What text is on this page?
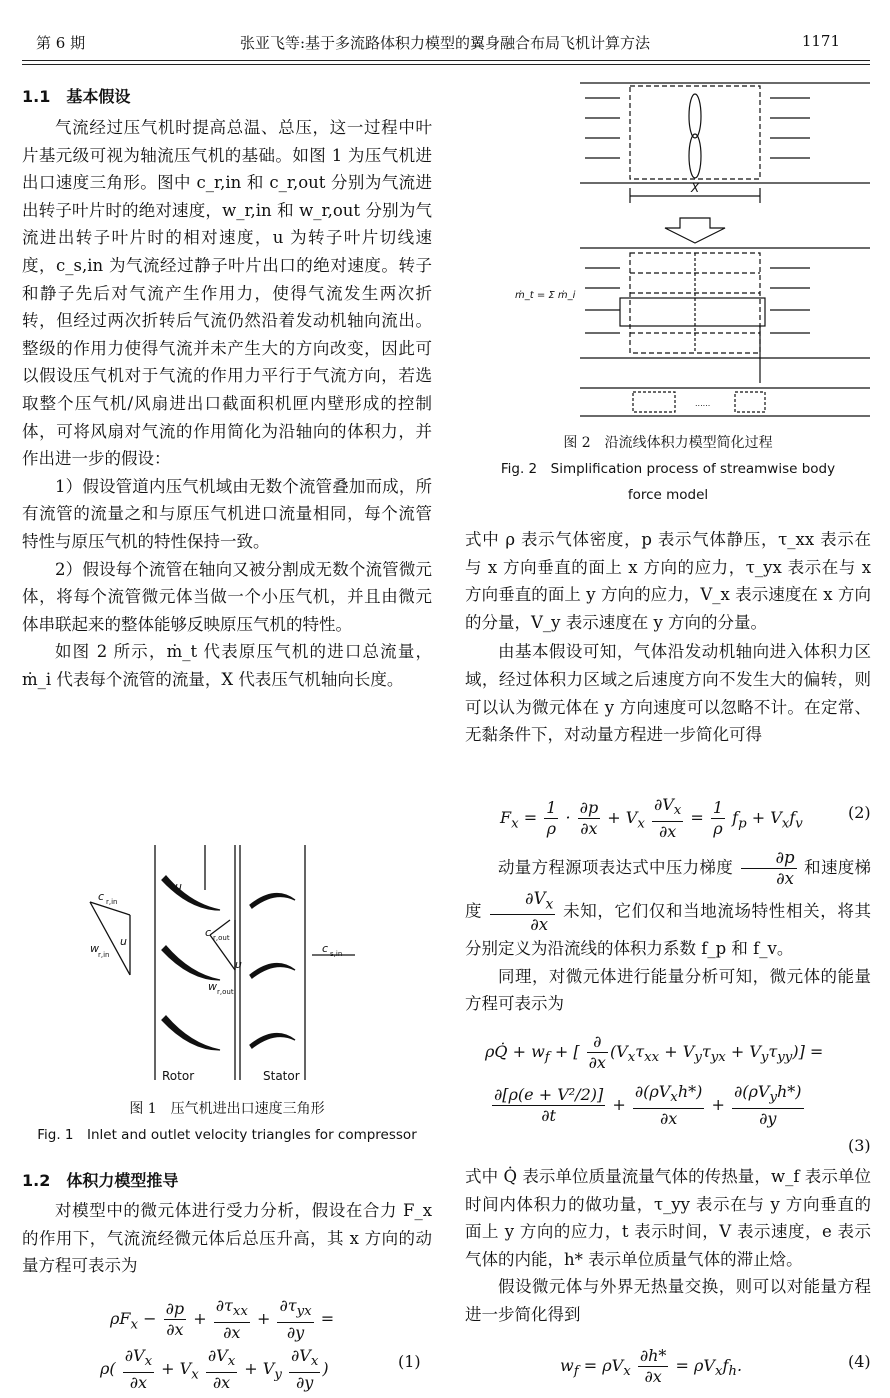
第 6 期	张亚飞等:基于多流路体积力模型的翼身融合布局飞机计算方法	1171

1.1 基本假设

气流经过压气机时提高总温、总压，这一过程中叶片基元级可视为轴流压气机的基础。如图 1 为压气机进出口速度三角形。图中 c_r,in 和 c_r,out 分别为气流进出转子叶片时的绝对速度，w_r,in 和 w_r,out 分别为气流进出转子叶片时的相对速度，u 为转子叶片切线速度，c_s,in 为气流经过静子叶片出口的绝对速度。转子和静子先后对气流产生作用力，使得气流发生两次折转，但经过两次折转后气流仍然沿着发动机轴向流出。整级的作用力使得气流并未产生大的方向改变，因此可以假设压气机对于气流的作用力平行于气流方向，若选取整个压气机/风扇进出口截面积机匣内壁形成的控制体，可将风扇对气流的作用简化为沿轴向的体积力，并作出进一步的假设：

1）假设管道内压气机域由无数个流管叠加而成，所有流管的流量之和与原压气机进口流量相同，每个流管特性与原压气机的特性保持一致。

2）假设每个流管在轴向又被分割成无数个流管微元体，将每个流管微元体当做一个小压气机，并且由微元体串联起来的整体能够反映原压气机的特性。

如图 2 所示，ṁ_t 代表原压气机的进口总流量，ṁ_i 代表每个流管的流量，X 代表压气机轴向长度。

u
c r,in
u
w r,in
c r,out
u
w r,out
c s,in
Rotor	Stator

图 1　压气机进出口速度三角形

Fig. 1　Inlet and outlet velocity triangles for compressor

1.2 体积力模型推导

对模型中的微元体进行受力分析，假设在合力 F_x 的作用下，气流流经微元体后总压升高，其 x 方向的动量方程可表示为

$\rho F_x - \frac{\partial p}{\partial x} + \frac{\partial\tau_{xx}}{\partial x} + \frac{\partial\tau_{yx}}{\partial y}$ =
$\rho( \frac{\partial V_x}{\partial x} + V_x \frac{\partial V_x}{\partial x} + V_y \frac{\partial V_x}{\partial y}$ )	(1)
X
ṁ_t = Σ ṁ_i
......

图 2　沿流线体积力模型简化过程

Fig. 2　Simplification process of streamwise body

force model

式中 ρ 表示气体密度，p 表示气体静压，τ_xx 表示在与 x 方向垂直的面上 x 方向的应力，τ_yx 表示在与 x 方向垂直的面上 y 方向的应力，V_x 表示速度在 x 方向的分量，V_y 表示速度在 y 方向的分量。

由基本假设可知，气体沿发动机轴向进入体积力区域，经过体积力区域之后速度方向不发生大的偏转，则可以认为微元体在 y 方向速度可以忽略不计。在定常、无黏条件下，对动量方程进一步简化可得

$F_x = \frac{1}{\rho} \cdot \frac{\partial p}{\partial x} + V_x \frac{\partial V_x}{\partial x} = \frac{1}{\rho} f_p + V_xf_v$
(2)

动量方程源项表达式中压力梯度 $\frac{\partial p}{\partial x}$ 和速度梯度 $\frac{\partial V_x}{\partial x}$ 未知，它们仅和当地流场特性相关，将其分别定义为沿流线的体积力系数 f_p 和 f_v。

同理，对微元体进行能量分析可知，微元体的能量方程可表示为

ρQ̇ + $w_f$ + [ $\frac{\partial}{\partial x} (V_x\tau_{xx} + V_y\tau_{yx} + V_y\tau_{yy})$] =
$\frac{\text{∂[ρ(e + V²/2)]}}{\partial t} + \frac{\partial(\rho V_xh*)}{\partial x} + \frac{\partial(\rho V_yh*)}{\partial y}$
(3)

式中 Q̇ 表示单位质量流量气体的传热量，w_f 表示单位时间内体积力的做功量，τ_yy 表示在与 y 方向垂直的面上 y 方向的应力，t 表示时间，V 表示速度，e 表示气体的内能，h* 表示单位质量气体的滞止焓。

假设微元体与外界无热量交换，则可以对能量方程进一步简化得到

$w_f = \rho V_x \frac{\partial h*}{\partial x} = \rho V_xf_h$.	(4)
